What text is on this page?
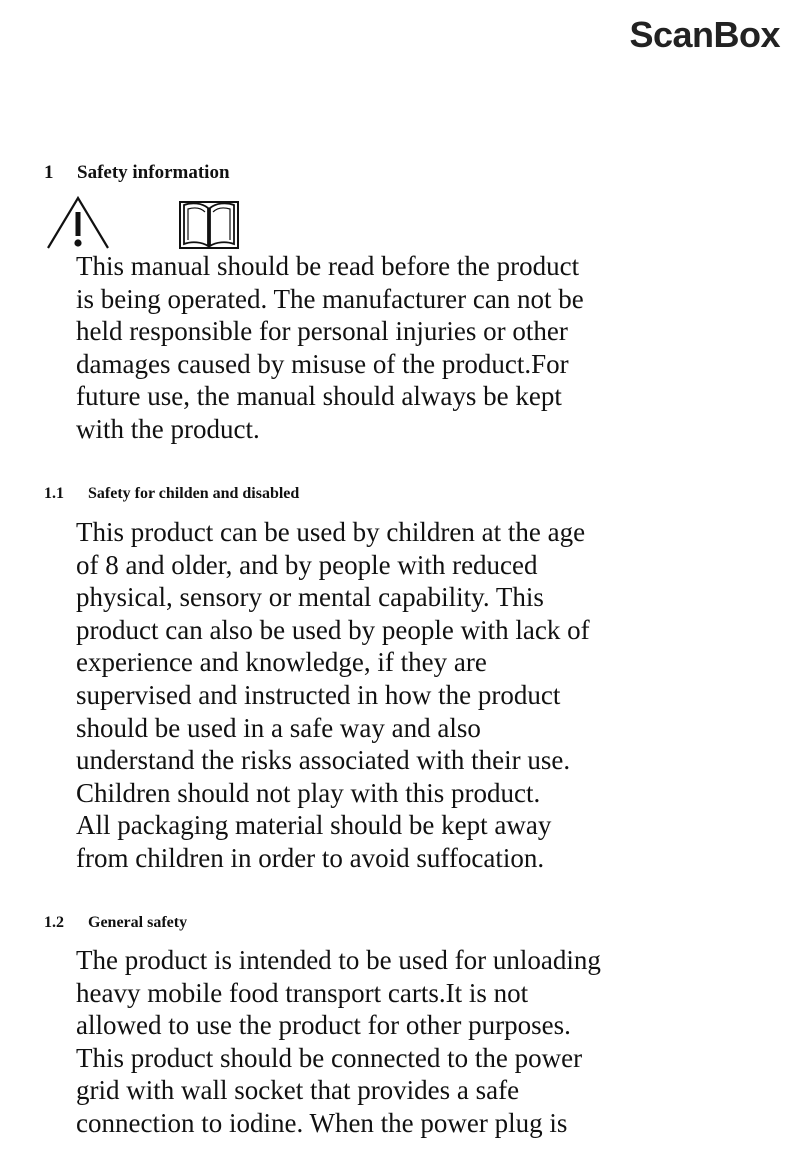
ScanBox
1 Safety information

This manual should be read before the product
is being operated. The manufacturer can not be
held responsible for personal injuries or other
damages caused by misuse of the product.For
future use, the manual should always be kept
with the product.

1.1 Safety for childen and disabled

This product can be used by children at the age
of 8 and older, and by people with reduced
physical, sensory or mental capability. This
product can also be used by people with lack of
experience and knowledge, if they are
supervised and instructed in how the product
should be used in a safe way and also
understand the risks associated with their use.
Children should not play with this product.
All packaging material should be kept away
from children in order to avoid suffocation.

1.2 General safety

The product is intended to be used for unloading
heavy mobile food transport carts.It is not
allowed to use the product for other purposes.
This product should be connected to the power
grid with wall socket that provides a safe
connection to iodine. When the power plug is
